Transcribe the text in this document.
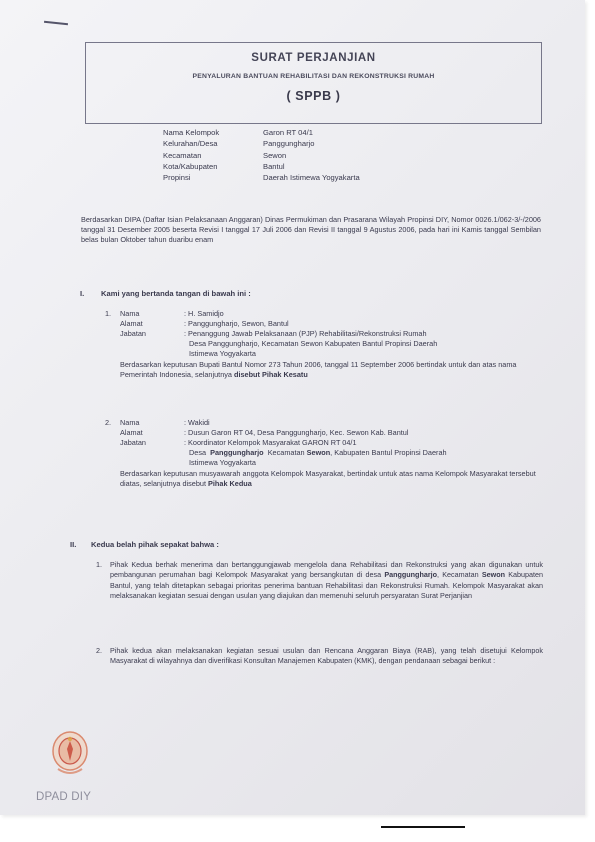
SURAT PERJANJIAN
PENYALURAN BANTUAN REHABILITASI DAN REKONSTRUKSI RUMAH
( SPPB )
Nama Kelompok	Garon RT 04/1
Kelurahan/Desa	Panggungharjo
Kecamatan	Sewon
Kota/Kabupaten	Bantul
Propinsi	Daerah Istimewa Yogyakarta
Berdasarkan DIPA (Daftar Isian Pelaksanaan Anggaran) Dinas Permukiman dan Prasarana Wilayah Propinsi DIY, Nomor 0026.1/062-3/-/2006 tanggal 31 Desember 2005 beserta Revisi I tanggal 17 Juli 2006 dan Revisi II tanggal 9 Agustus 2006, pada hari ini Kamis tanggal Sembilan belas bulan Oktober tahun duaribu enam
I. Kami yang bertanda tangan di bawah ini :
1.	Nama	: H. Samidjo
Alamat	: Panggungharjo, Sewon, Bantul
Jabatan	: Penanggung Jawab Pelaksanaan (PJP) Rehabilitasi/Rekonstruksi Rumah
Desa Panggungharjo, Kecamatan Sewon Kabupaten Bantul Propinsi Daerah
Istimewa Yogyakarta
Berdasarkan keputusan Bupati Bantul Nomor 273 Tahun 2006, tanggal 11 September 2006 bertindak untuk dan atas nama Pemerintah Indonesia, selanjutnya disebut Pihak Kesatu
2.	Nama	: Wakidi
Alamat	: Dusun Garon RT 04, Desa Panggungharjo, Kec. Sewon Kab. Bantul
Jabatan	: Koordinator Kelompok Masyarakat GARON RT 04/1
Desa Panggungharjo Kecamatan Sewon, Kabupaten Bantul Propinsi Daerah
Istimewa Yogyakarta
Berdasarkan keputusan musyawarah anggota Kelompok Masyarakat, bertindak untuk atas nama Kelompok Masyarakat tersebut diatas, selanjutnya disebut Pihak Kedua
II. Kedua belah pihak sepakat bahwa :
1.	Pihak Kedua berhak menerima dan bertanggungjawab mengelola dana Rehabilitasi dan Rekonstruksi yang akan digunakan untuk pembangunan perumahan bagi Kelompok Masyarakat yang bersangkutan di desa Panggungharjo, Kecamatan Sewon Kabupaten Bantul, yang telah ditetapkan sebagai prioritas penerima bantuan Rehabilitasi dan Rekonstruksi Rumah. Kelompok Masyarakat akan melaksanakan kegiatan sesuai dengan usulan yang diajukan dan memenuhi seluruh persyaratan Surat Perjanjian
2.	Pihak kedua akan melaksanakan kegiatan sesuai usulan dan Rencana Anggaran Biaya (RAB), yang telah disetujui Kelompok Masyarakat di wilayahnya dan diverifikasi Konsultan Manajemen Kabupaten (KMK), dengan pendanaan sebagai berikut :
DPAD DIY
